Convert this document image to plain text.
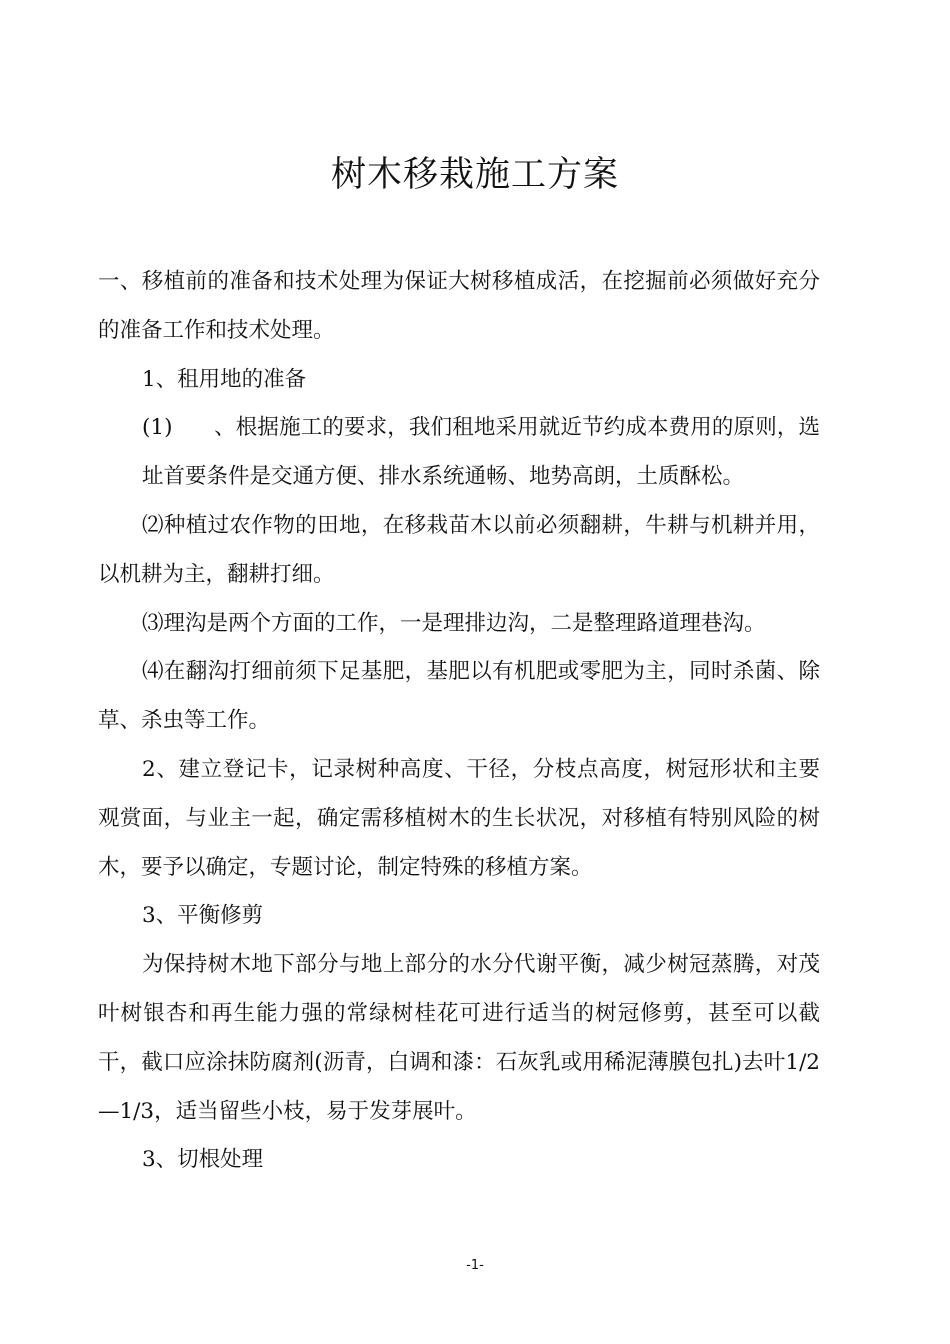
树木移栽施工方案

一、移植前的准备和技术处理为保证大树移植成活，在挖掘前必须做好充分的准备工作和技术处理。

1、租用地的准备

(1) 、根据施工的要求，我们租地采用就近节约成本费用的原则，选址首要条件是交通方便、排水系统通畅、地势高朗，土质酥松。

⑵种植过农作物的田地，在移栽苗木以前必须翻耕，牛耕与机耕并用，以机耕为主，翻耕打细。

⑶理沟是两个方面的工作，一是理排边沟，二是整理路道理巷沟。

⑷在翻沟打细前须下足基肥，基肥以有机肥或零肥为主，同时杀菌、除草、杀虫等工作。

2、建立登记卡，记录树种高度、干径，分枝点高度，树冠形状和主要观赏面，与业主一起，确定需移植树木的生长状况，对移植有特别风险的树木，要予以确定，专题讨论，制定特殊的移植方案。

3、平衡修剪

为保持树木地下部分与地上部分的水分代谢平衡，减少树冠蒸腾，对茂叶树银杏和再生能力强的常绿树桂花可进行适当的树冠修剪，甚至可以截干，截口应涂抹防腐剂(沥青，白调和漆：石灰乳或用稀泥薄膜包扎)去叶1/2—1/3，适当留些小枝，易于发芽展叶。

3、切根处理

-1-
